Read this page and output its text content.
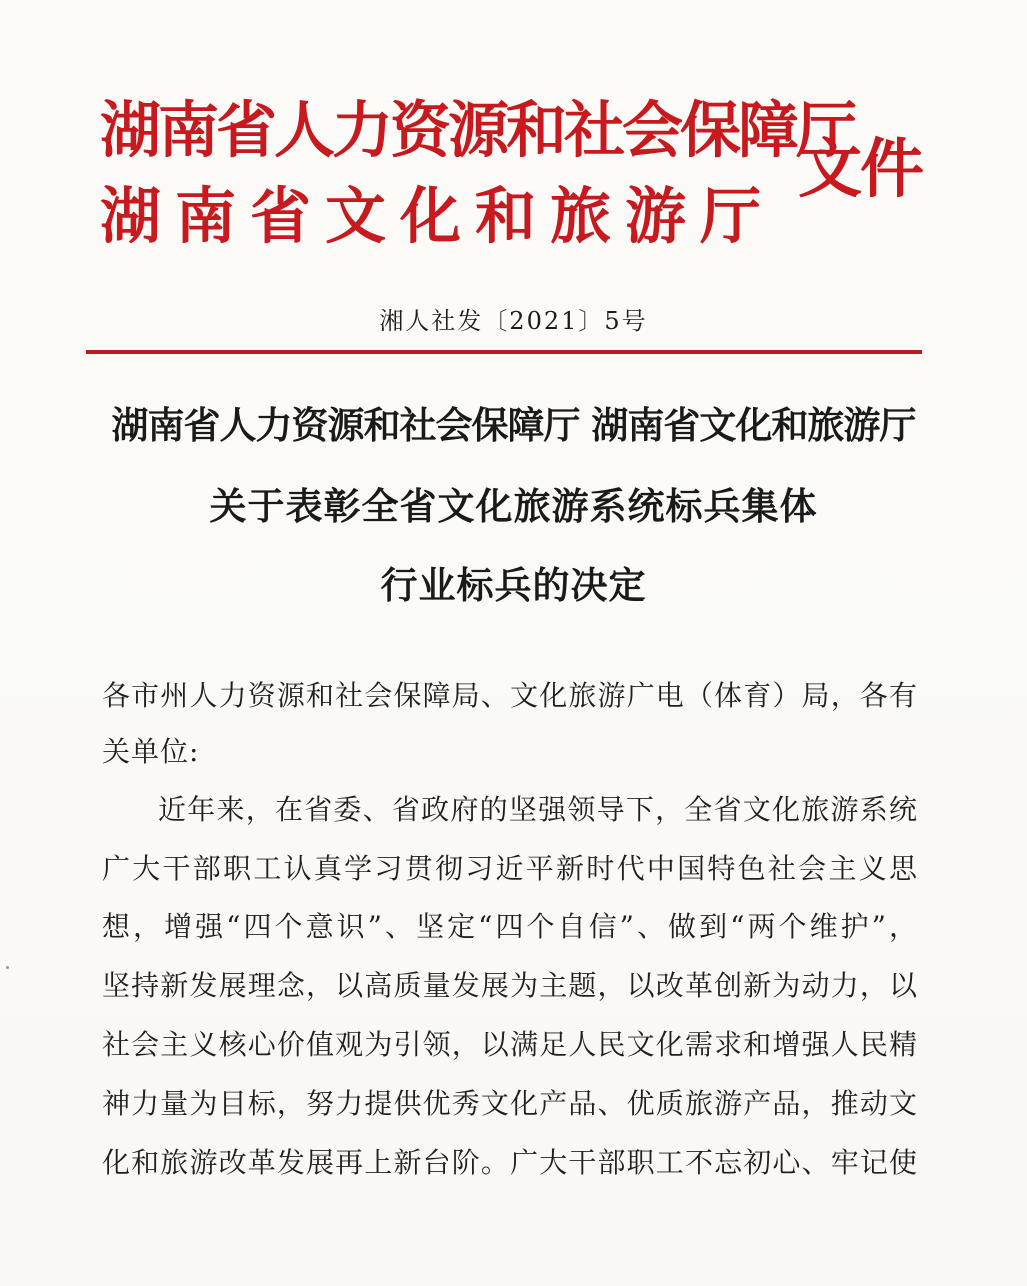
湖南省人力资源和社会保障厅
湖南省文化和旅游厅
文件
湘人社发〔2021〕5号
湖南省人力资源和社会保障厅 湖南省文化和旅游厅
关于表彰全省文化旅游系统标兵集体
行业标兵的决定
各市州人力资源和社会保障局、文化旅游广电（体育）局，各有
关单位:
近年来，在省委、省政府的坚强领导下，全省文化旅游系统
广大干部职工认真学习贯彻习近平新时代中国特色社会主义思
想，增强“四个意识”、坚定“四个自信”、做到“两个维护”，
坚持新发展理念，以高质量发展为主题，以改革创新为动力，以
社会主义核心价值观为引领，以满足人民文化需求和增强人民精
神力量为目标，努力提供优秀文化产品、优质旅游产品，推动文
化和旅游改革发展再上新台阶。广大干部职工不忘初心、牢记使
